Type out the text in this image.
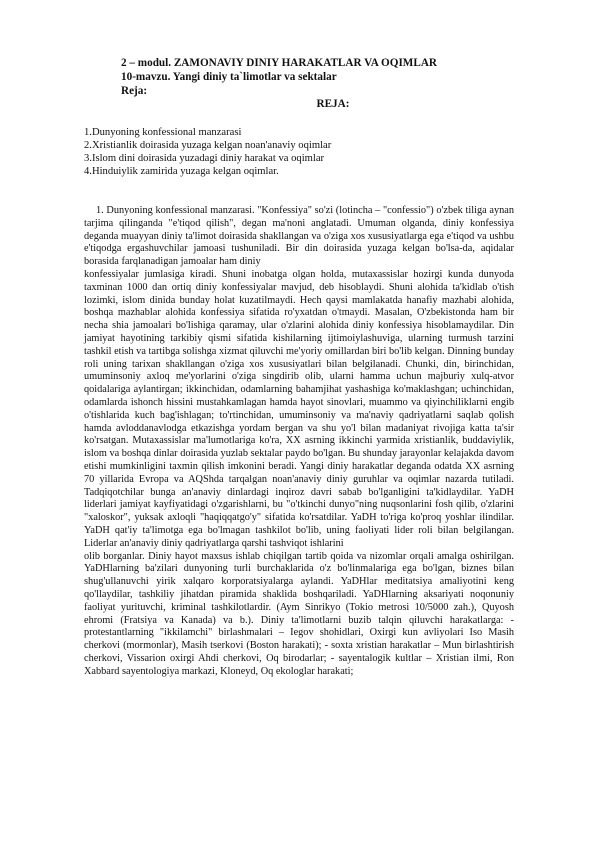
2 – modul. ZAMONAVIY DINIY HARAKATLAR VA OQIMLAR
10-mavzu. Yangi diniy ta`limotlar va sektalar
Reja:
REJA:
1.Dunyoning konfessional manzarasi
2.Xristianlik doirasida yuzaga kelgan noan'anaviy oqimlar
3.Islom dini doirasida yuzadagi diniy harakat va oqimlar
4.Hinduiylik zamirida yuzaga kelgan oqimlar.

1. Dunyoning konfessional manzarasi. "Konfessiya" so'zi (lotincha – "confessio") o'zbek tiliga aynan tarjima qilinganda "e'tiqod qilish", degan ma'noni anglatadi. Umuman olganda, diniy konfessiya deganda muayyan diniy ta'limot doirasida shakllangan va o'ziga xos xususiyatlarga ega e'tiqod va ushbu e'tiqodga ergashuvchilar jamoasi tushuniladi. Bir din doirasida yuzaga kelgan bo'lsa-da, aqidalar borasida farqlanadigan jamoalar ham diniy

konfessiyalar jumlasiga kiradi. Shuni inobatga olgan holda, mutaxassislar hozirgi kunda dunyoda taxminan 1000 dan ortiq diniy konfessiyalar mavjud, deb hisoblaydi. Shuni alohida ta'kidlab o'tish lozimki, islom dinida bunday holat kuzatilmaydi. Hech qaysi mamlakatda hanafiy mazhabi alohida, boshqa mazhablar alohida konfessiya sifatida ro'yxatdan o'tmaydi. Masalan, O'zbekistonda ham bir necha shia jamoalari bo'lishiga qaramay, ular o'zlarini alohida diniy konfessiya hisoblamaydilar. Din jamiyat hayotining tarkibiy qismi sifatida kishilarning ijtimoiylashuviga, ularning turmush tarzini tashkil etish va tartibga solishga xizmat qiluvchi me'yoriy omillardan biri bo'lib kelgan. Dinning bunday roli uning tarixan shakllangan o'ziga xos xususiyatlari bilan belgilanadi. Chunki, din, birinchidan, umuminsoniy axloq me'yorlarini o'ziga singdirib olib, ularni hamma uchun majburiy xulq-atvor qoidalariga aylantirgan; ikkinchidan, odamlarning bahamjihat yashashiga ko'maklashgan; uchinchidan, odamlarda ishonch hissini mustahkamlagan hamda hayot sinovlari, muammo va qiyinchiliklarni engib o'tishlarida kuch bag'ishlagan; to'rtinchidan, umuminsoniy va ma'naviy qadriyatlarni saqlab qolish hamda avloddanavlodga etkazishga yordam bergan va shu yo'l bilan madaniyat rivojiga katta ta'sir ko'rsatgan. Mutaxassislar ma'lumotlariga ko'ra, XX asrning ikkinchi yarmida xristianlik, buddaviylik, islom va boshqa dinlar doirasida yuzlab sektalar paydo bo'lgan. Bu shunday jarayonlar kelajakda davom etishi mumkinligini taxmin qilish imkonini beradi. Yangi diniy harakatlar deganda odatda XX asrning 70 yillarida Evropa va AQShda tarqalgan noan'anaviy diniy guruhlar va oqimlar nazarda tutiladi. Tadqiqotchilar bunga an'anaviy dinlardagi inqiroz davri sabab bo'lganligini ta'kidlaydilar. YaDH liderlari jamiyat kayfiyatidagi o'zgarishlarni, bu "o'tkinchi dunyo"ning nuqsonlarini fosh qilib, o'zlarini "xaloskor", yuksak axloqli "haqiqqatgo'y" sifatida ko'rsatdilar. YaDH to'riga ko'proq yoshlar ilindilar. YaDH qat'iy ta'limotga ega bo'lmagan tashkilot bo'lib, uning faoliyati lider roli bilan belgilangan. Liderlar an'anaviy diniy qadriyatlarga qarshi tashviqot ishlarini

olib borganlar. Diniy hayot maxsus ishlab chiqilgan tartib qoida va nizomlar orqali amalga oshirilgan. YaDHlarning ba'zilari dunyoning turli burchaklarida o'z bo'linmalariga ega bo'lgan, biznes bilan shug'ullanuvchi yirik xalqaro korporatsiyalarga aylandi. YaDHlar meditatsiya amaliyotini keng qo'llaydilar, tashkiliy jihatdan piramida shaklida boshqariladi. YaDHlarning aksariyati noqonuniy faoliyat yurituvchi, kriminal tashkilotlardir. (Aym Sinrikyo (Tokio metrosi 10/5000 zah.), Quyosh ehromi (Fratsiya va Kanada) va b.). Diniy ta'limotlarni buzib talqin qiluvchi harakatlarga: - protestantlarning "ikkilamchi" birlashmalari – Iegov shohidlari, Oxirgi kun avliyolari Iso Masih cherkovi (mormonlar), Masih tserkovi (Boston harakati); - soxta xristian harakatlar – Mun birlashtirish cherkovi, Vissarion oxirgi Ahdi cherkovi, Oq birodarlar; - sayentalogik kultlar – Xristian ilmi, Ron Xabbard sayentologiya markazi, Kloneyd, Oq ekologlar harakati;
